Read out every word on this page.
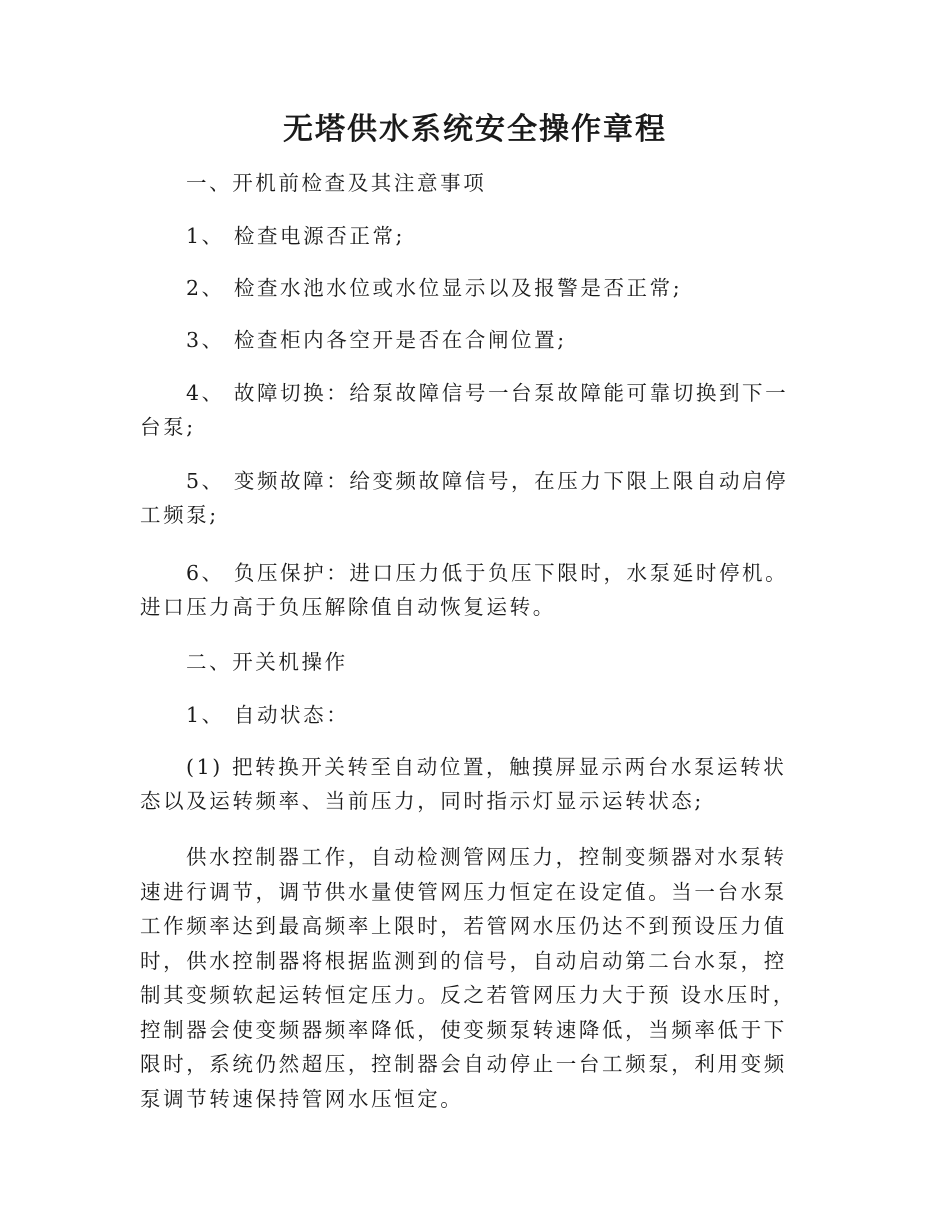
无塔供水系统安全操作章程

一、开机前检查及其注意事项

1、 检查电源否正常;

2、 检查水池水位或水位显示以及报警是否正常;

3、 检查柜内各空开是否在合闸位置;

4、 故障切换：给泵故障信号一台泵故障能可靠切换到下一台泵;

5、 变频故障：给变频故障信号，在压力下限上限自动启停工频泵;

6、 负压保护：进口压力低于负压下限时，水泵延时停机。进口压力高于负压解除值自动恢复运转。

二、开关机操作

1、 自动状态：

(1) 把转换开关转至自动位置，触摸屏显示两台水泵运转状态以及运转频率、当前压力，同时指示灯显示运转状态;

供水控制器工作，自动检测管网压力，控制变频器对水泵转速进行调节，调节供水量使管网压力恒定在设定值。当一台水泵工作频率达到最高频率上限时，若管网水压仍达不到预设压力值时，供水控制器将根据监测到的信号，自动启动第二台水泵，控制其变频软起运转恒定压力。反之若管网压力大于预 设水压时，控制器会使变频器频率降低，使变频泵转速降低，当频率低于下限时，系统仍然超压，控制器会自动停止一台工频泵，利用变频泵调节转速保持管网水压恒定。
